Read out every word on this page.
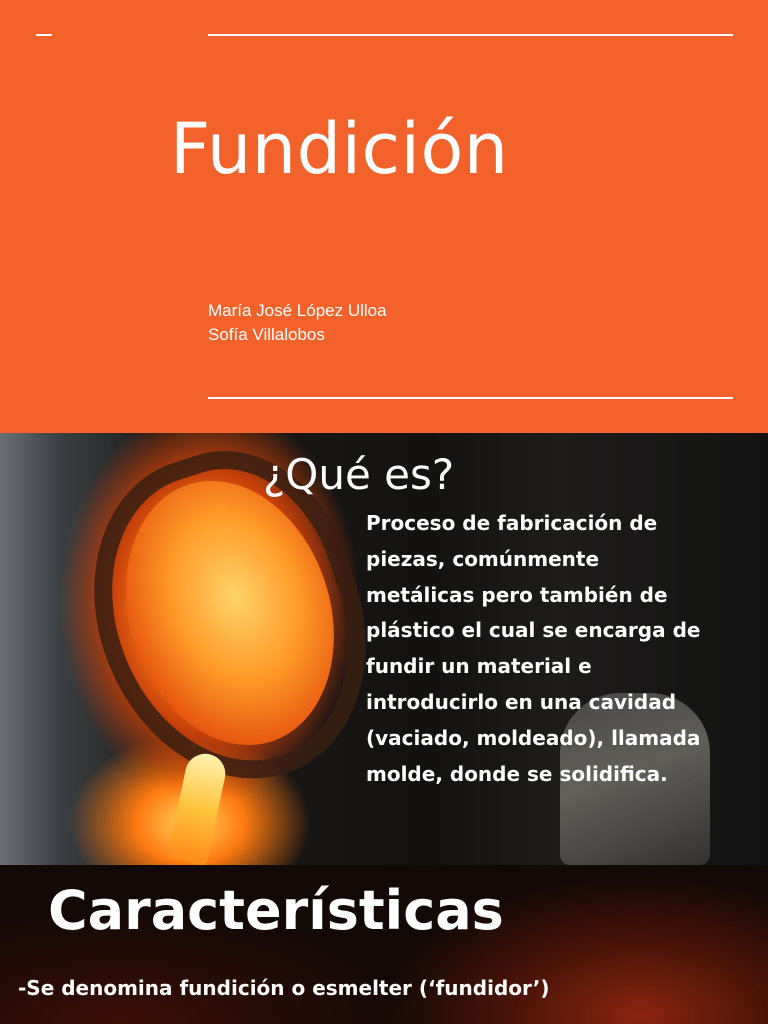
Fundición
María José López Ulloa
Sofía Villalobos
¿Qué es?

Proceso de fabricación de piezas, comúnmente metálicas pero también de plástico el cual se encarga de fundir un material e introducirlo en una cavidad (vaciado, moldeado), llamada molde, donde se solidifica.

Características

-Se denomina fundición o esmelter (‘fundidor’)
